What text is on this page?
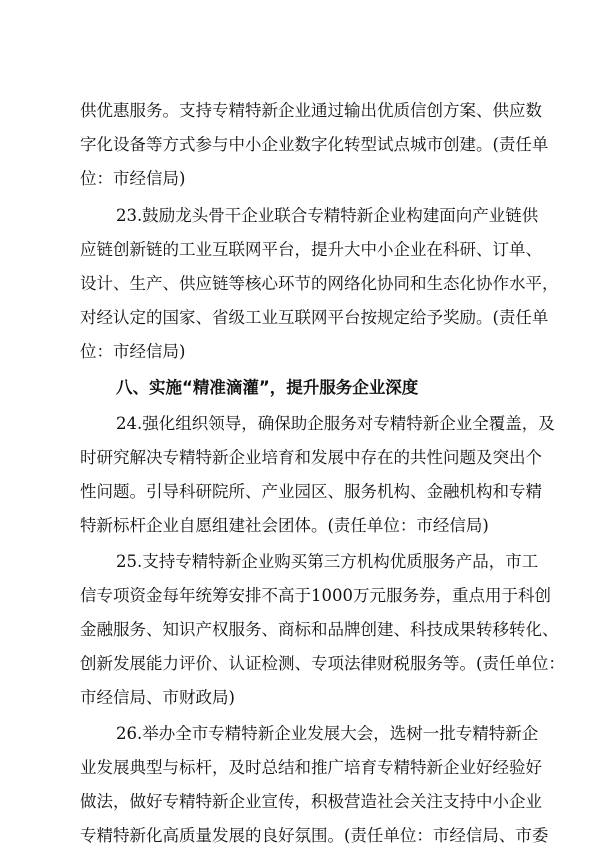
供优惠服务。支持专精特新企业通过输出优质信创方案、供应数
字化设备等方式参与中小企业数字化转型试点城市创建。(责任单
位：市经信局)
23.鼓励龙头骨干企业联合专精特新企业构建面向产业链供
应链创新链的工业互联网平台，提升大中小企业在科研、订单、
设计、生产、供应链等核心环节的网络化协同和生态化协作水平，
对经认定的国家、省级工业互联网平台按规定给予奖励。(责任单
位：市经信局)
八、实施“精准滴灌”，提升服务企业深度
24.强化组织领导，确保助企服务对专精特新企业全覆盖，及
时研究解决专精特新企业培育和发展中存在的共性问题及突出个
性问题。引导科研院所、产业园区、服务机构、金融机构和专精
特新标杆企业自愿组建社会团体。(责任单位：市经信局)
25.支持专精特新企业购买第三方机构优质服务产品，市工
信专项资金每年统筹安排不高于1000万元服务券，重点用于科创
金融服务、知识产权服务、商标和品牌创建、科技成果转移转化、
创新发展能力评价、认证检测、专项法律财税服务等。(责任单位：
市经信局、市财政局)
26.举办全市专精特新企业发展大会，选树一批专精特新企
业发展典型与标杆，及时总结和推广培育专精特新企业好经验好
做法，做好专精特新企业宣传，积极营造社会关注支持中小企业
专精特新化高质量发展的良好氛围。(责任单位：市经信局、市委
